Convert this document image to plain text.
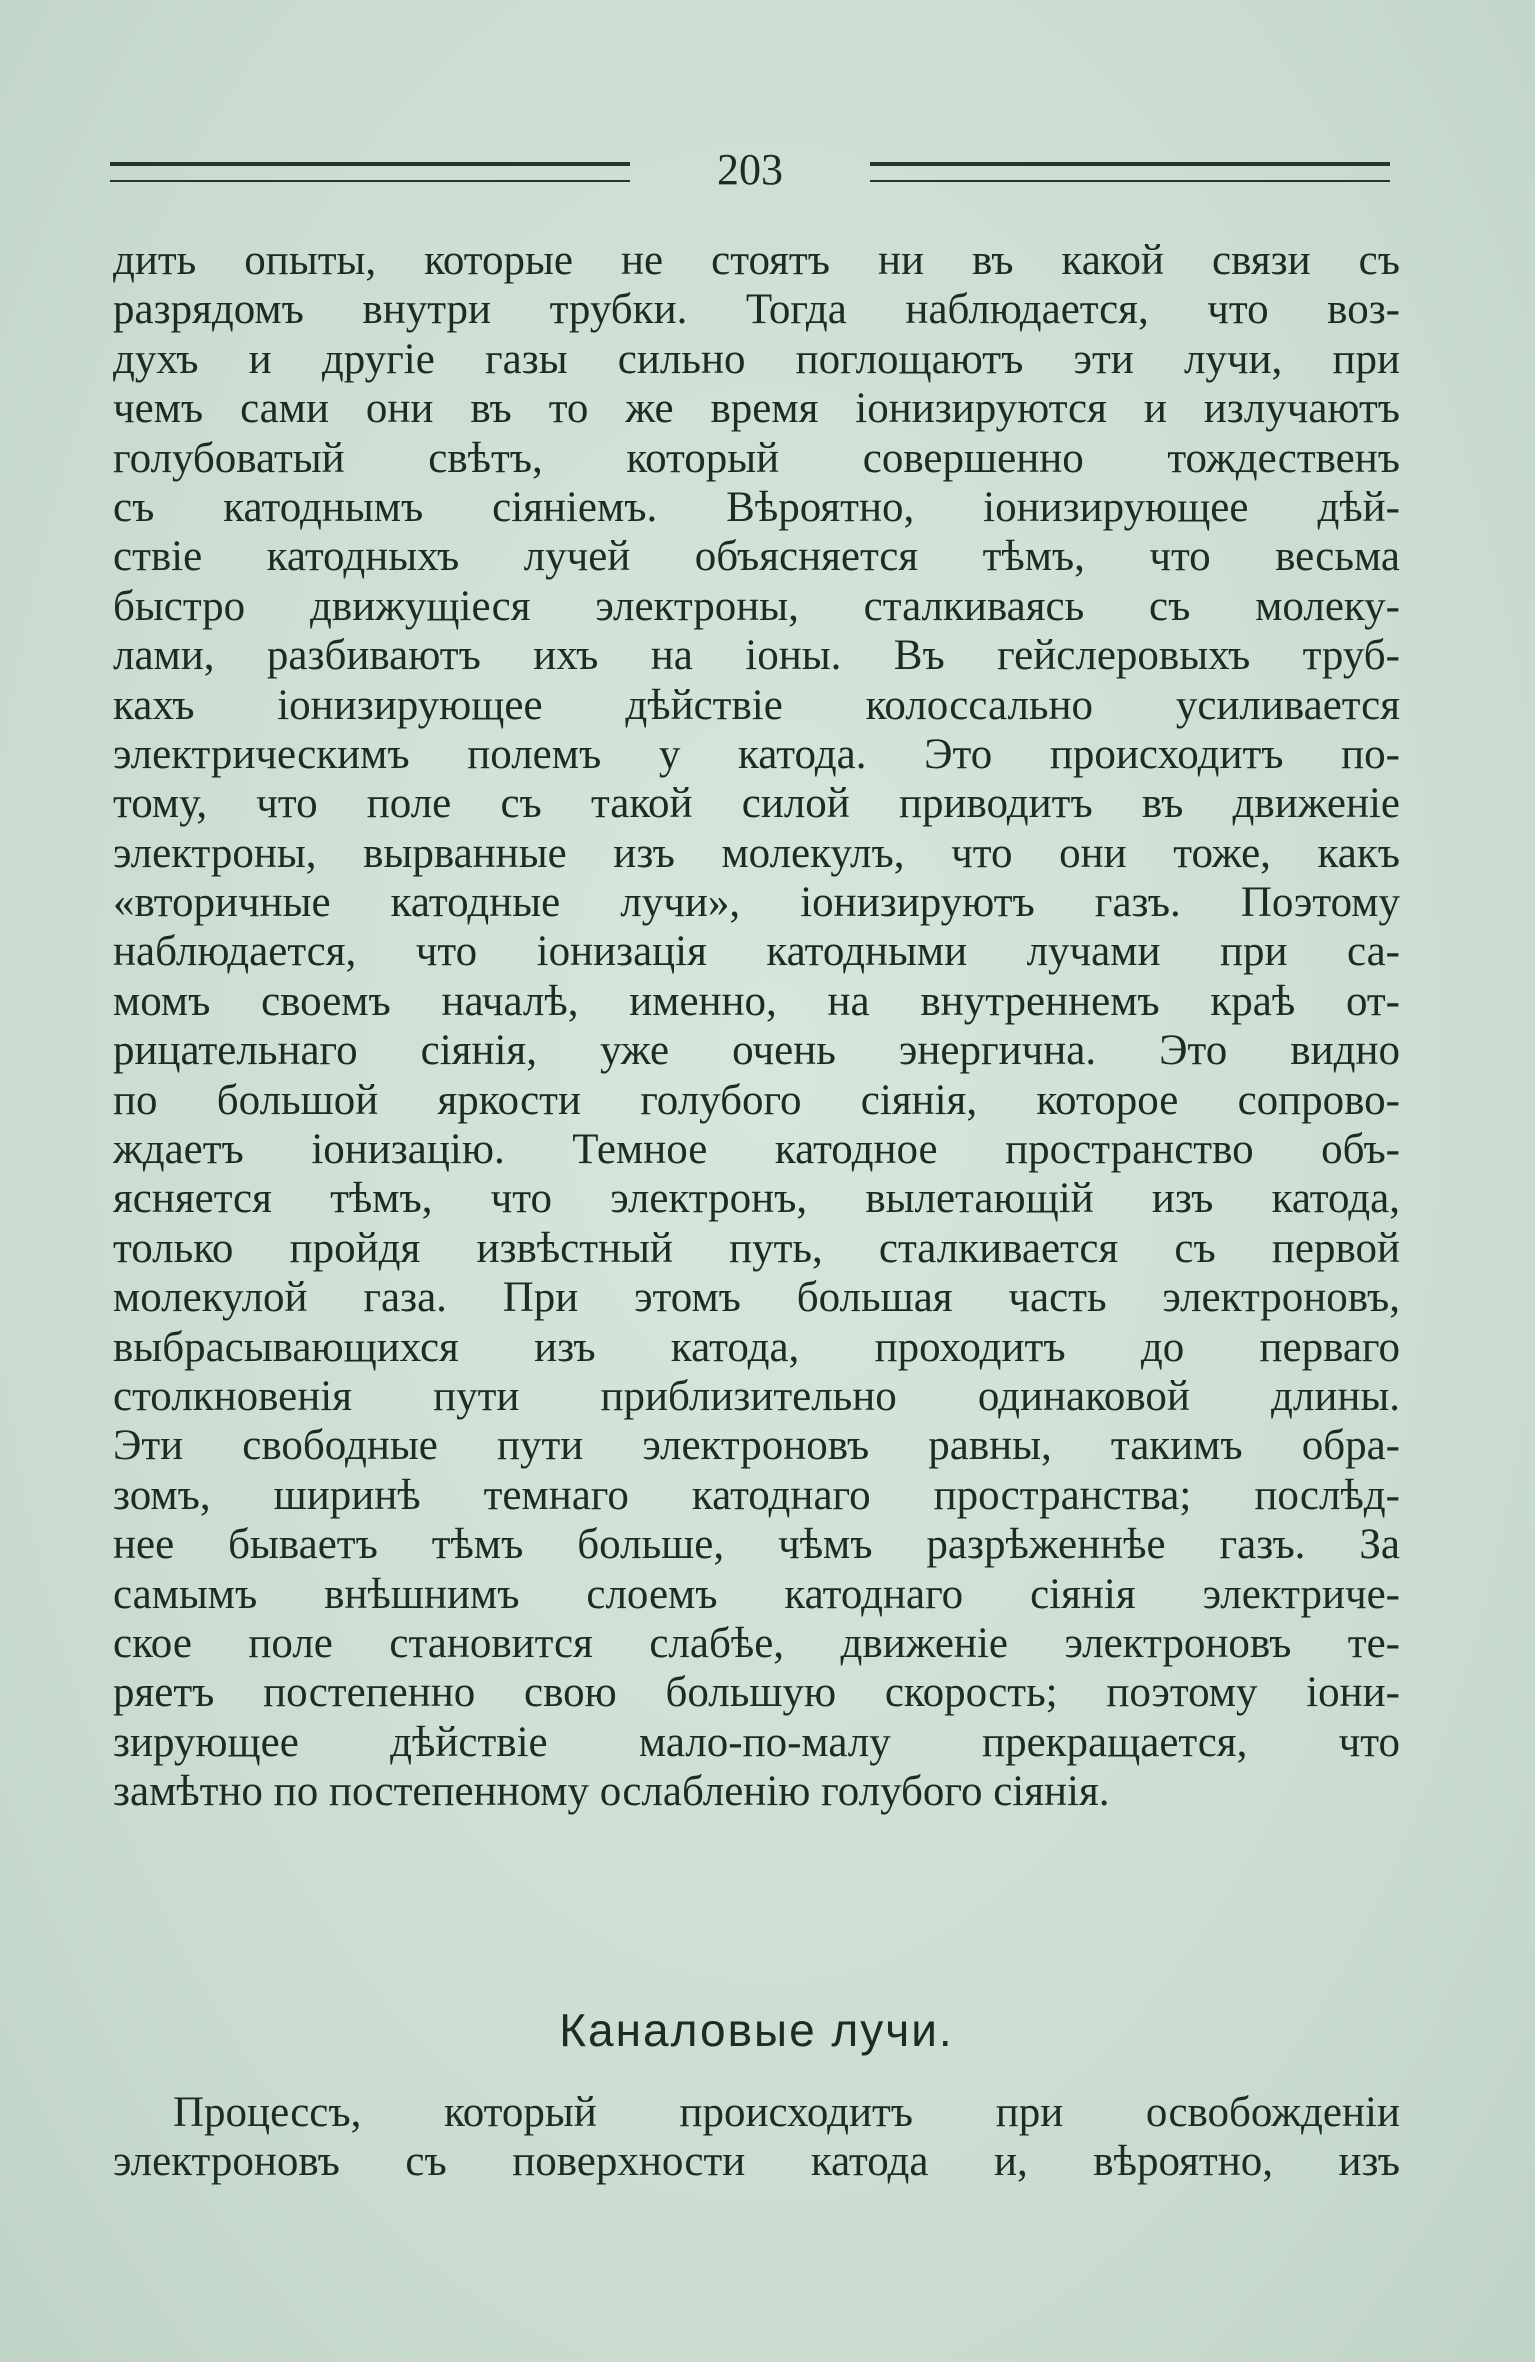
203
дить опыты, которые не стоятъ ни въ какой связи съ
разрядомъ внутри трубки. Тогда наблюдается, что воз-
духъ и другіе газы сильно поглощаютъ эти лучи, при
чемъ сами они въ то же время іонизируются и излучаютъ
голубоватый свѣтъ, который совершенно тождественъ
съ катоднымъ сіяніемъ. Вѣроятно, іонизирующее дѣй-
ствіе катодныхъ лучей объясняется тѣмъ, что весьма
быстро движущіеся электроны, сталкиваясь съ молеку-
лами, разбиваютъ ихъ на іоны. Въ гейслеровыхъ труб-
кахъ іонизирующее дѣйствіе колоссально усиливается
электрическимъ полемъ у катода. Это происходитъ по-
тому, что поле съ такой силой приводитъ въ движеніе
электроны, вырванные изъ молекулъ, что они тоже, какъ
«вторичные катодные лучи», іонизируютъ газъ. Поэтому
наблюдается, что іонизація катодными лучами при са-
момъ своемъ началѣ, именно, на внутреннемъ краѣ от-
рицательнаго сіянія, уже очень энергична. Это видно
по большой яркости голубого сіянія, которое сопрово-
ждаетъ іонизацію. Темное катодное пространство объ-
ясняется тѣмъ, что электронъ, вылетающій изъ катода,
только пройдя извѣстный путь, сталкивается съ первой
молекулой газа. При этомъ большая часть электроновъ,
выбрасывающихся изъ катода, проходитъ до перваго
столкновенія пути приблизительно одинаковой длины.
Эти свободные пути электроновъ равны, такимъ обра-
зомъ, ширинѣ темнаго катоднаго пространства; послѣд-
нее бываетъ тѣмъ больше, чѣмъ разрѣженнѣе газъ. За
самымъ внѣшнимъ слоемъ катоднаго сіянія электриче-
ское поле становится слабѣе, движеніе электроновъ те-
ряетъ постепенно свою большую скорость; поэтому іони-
зирующее дѣйствіе мало-по-малу прекращается, что
замѣтно по постепенному ослабленію голубого сіянія.
Каналовые лучи.
Процессъ, который происходитъ при освобожденіи
электроновъ съ поверхности катода и, вѣроятно, изъ
